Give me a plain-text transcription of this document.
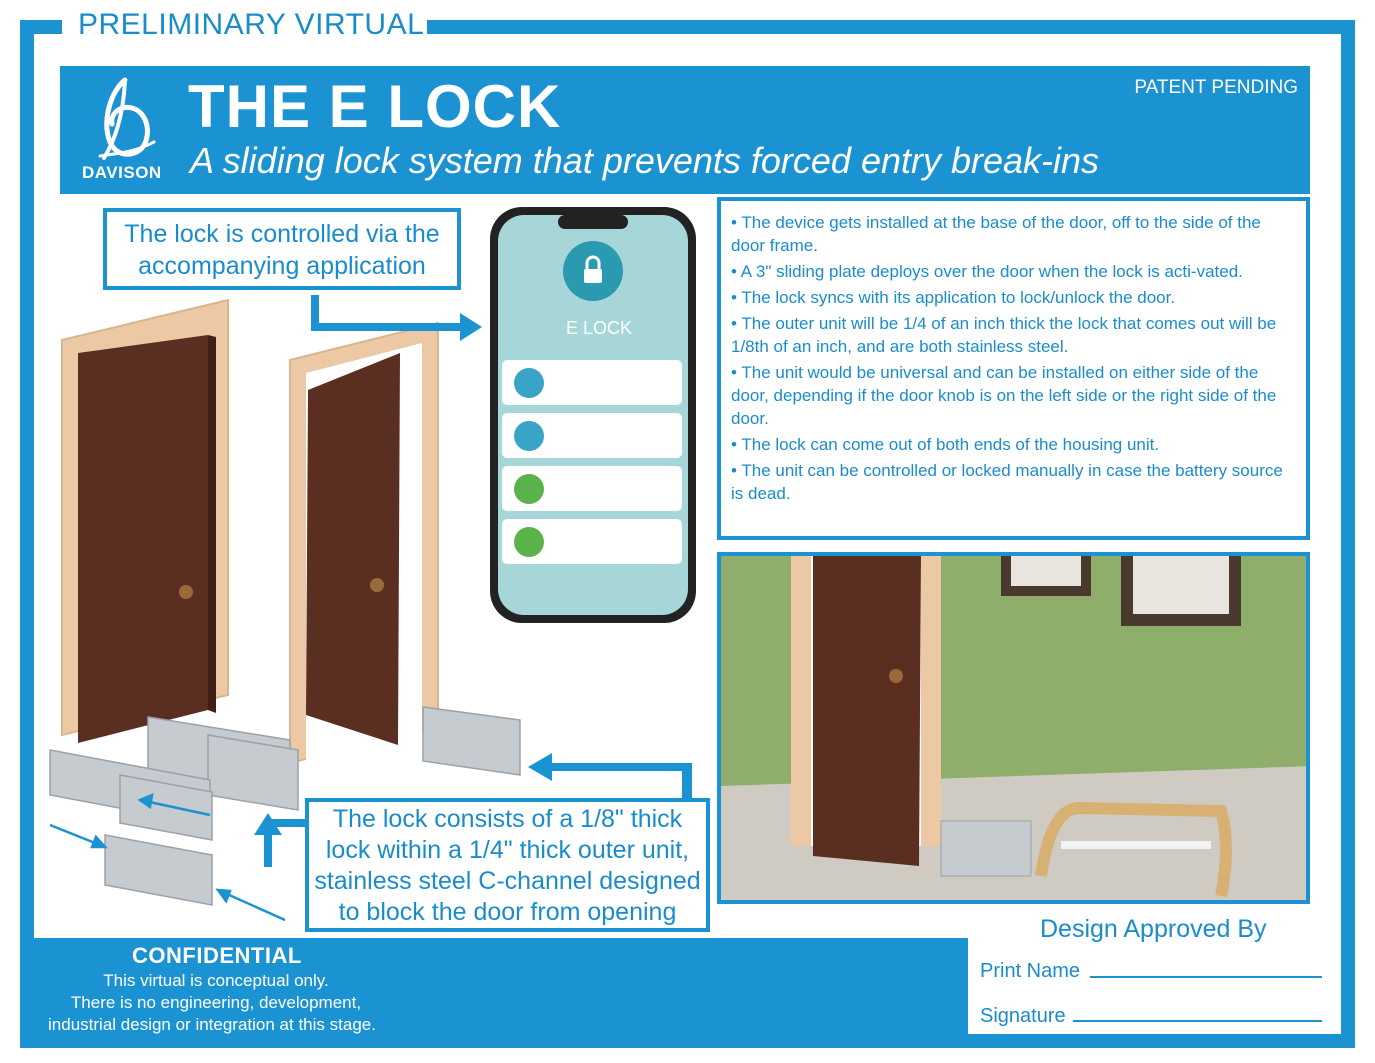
PRELIMINARY VIRTUAL
DAVISON
THE E LOCK
A sliding lock system that prevents forced entry break-ins
PATENT PENDING
E LOCK
The lock is controlled via the accompanying application
The lock consists of a 1/8" thick lock within a 1/4" thick outer unit, stainless steel C-channel designed to block the door from opening
• The device gets installed at the base of the door, off to the side of the door frame.
• A 3" sliding plate deploys over the door when the lock is acti-vated.
• The lock syncs with its application to lock/unlock the door.
• The outer unit will be 1/4 of an inch thick the lock that comes out will be 1/8th of an inch, and are both stainless steel.
• The unit would be universal and can be installed on either side of the door, depending if the door knob is on the left side or the right side of the door.
• The lock can come out of both ends of the housing unit.
• The unit can be controlled or locked manually in case the battery source is dead.
CONFIDENTIAL
This virtual is conceptual only.
There is no engineering, development,
industrial design or integration at this stage.
Design Approved By
Print Name
Signature
